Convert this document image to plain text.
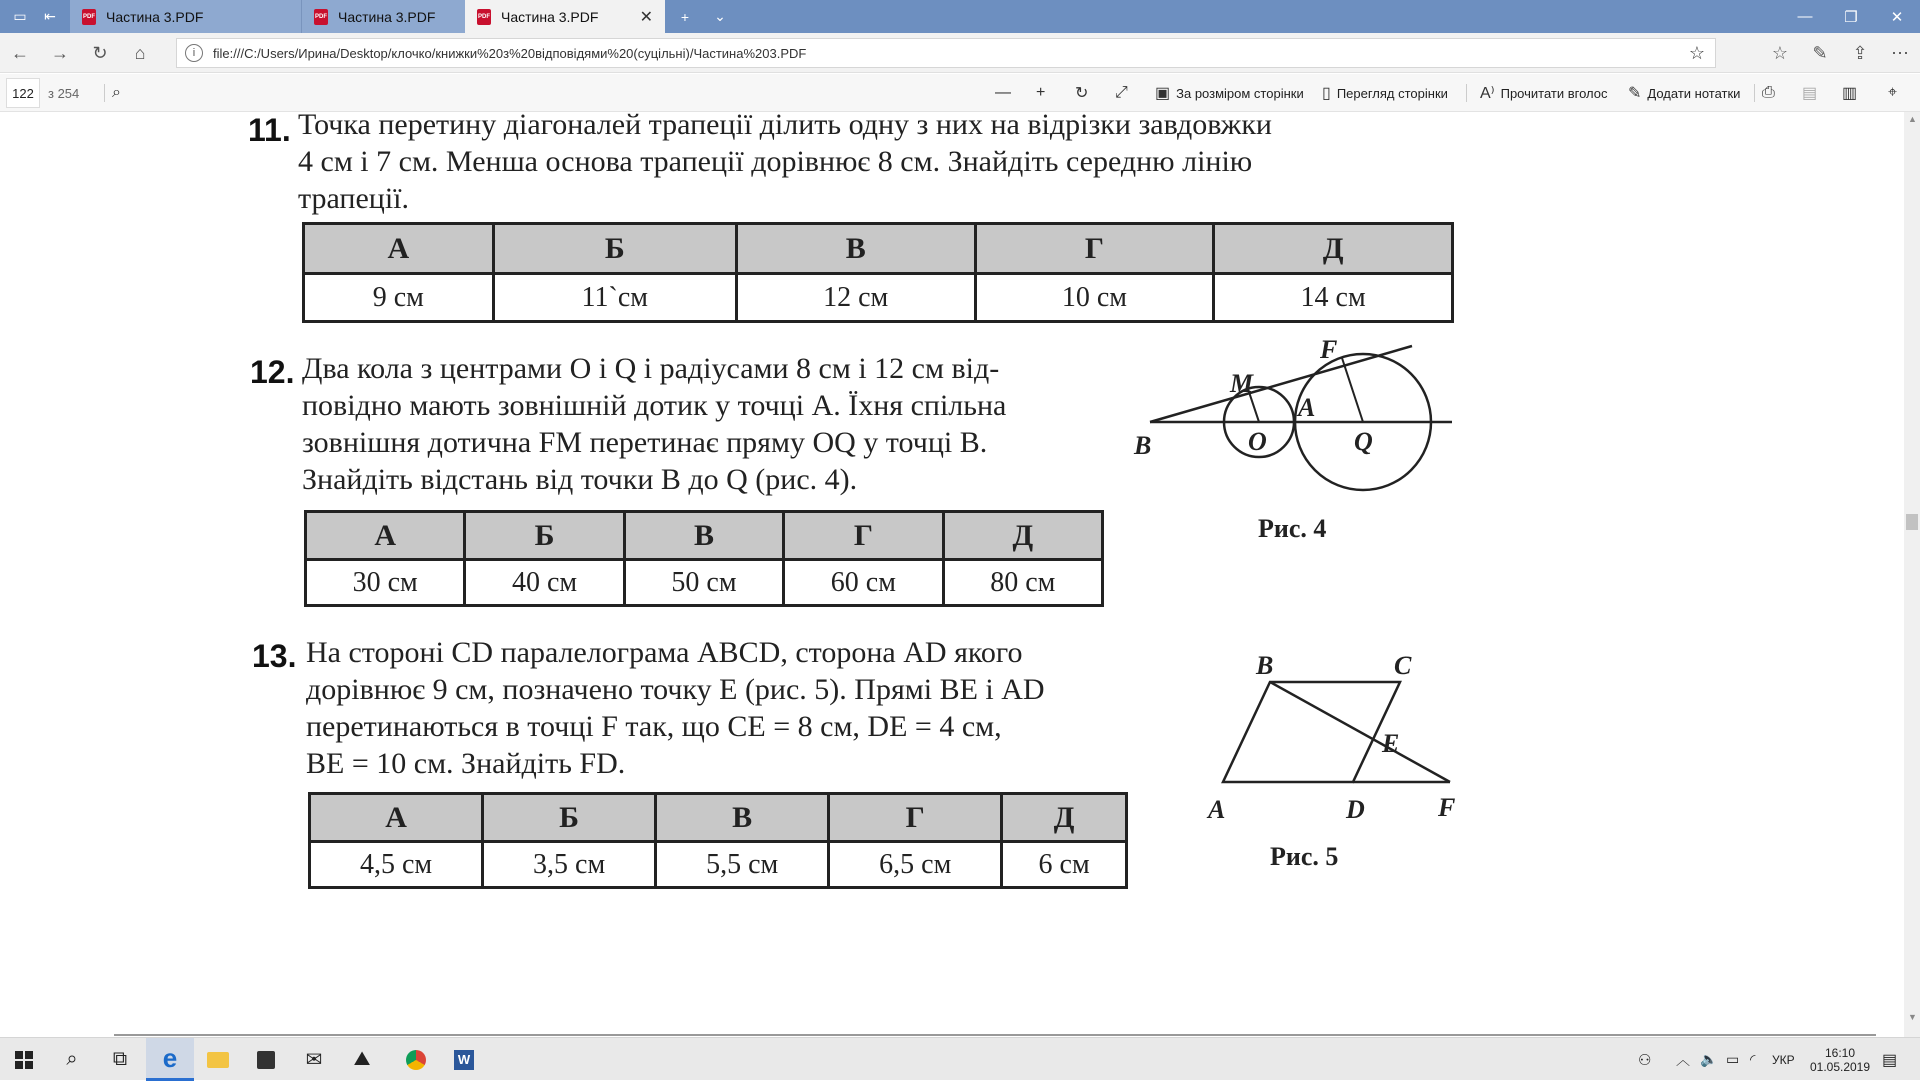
▭	⇤	PDF Частина 3.PDF	PDF Частина 3.PDF	PDF Частина 3.PDF	✕	+	⌄	—	❐	✕
←	→	↻	⌂	i	file:///C:/Users/Ирина/Desktop/клочко/книжки%20з%20відповідями%20(суцільні)/Частина%203.PDF	☆	☆	✎	⇪	⋯
122	з 254 ⌕	— + ↻ ⤢ ▣ За розміром сторінки ▯ Перегляд сторінки A⁾ Прочитати вголос ✎ Додати нотатки ⎙ ▤ ▥ ⌖
11. Точка перетину діагоналей трапеції ділить одну з них на відрізки завдовжки
4 см і 7 см. Менша основа трапеції дорівнює 8 см. Знайдіть середню лінію
трапеції.
А	Б	В	Г	Д
9 см	11`см	12 см	10 см	14 см
12. Два кола з центрами O і Q і радіусами 8 см і 12 см від-
повідно мають зовнішній дотик у точці A. Їхня спільна
зовнішня дотична FM перетинає пряму OQ у точці B.
Знайдіть відстань від точки B до Q (рис. 4).
А	Б	В	Г	Д
30 см	40 см	50 см	60 см	80 см
B
M
F
A
O	Q
Рис. 4
13. На стороні CD паралелограма ABCD, сторона AD якого
дорівнює 9 см, позначено точку E (рис. 5). Прямі BE і AD
перетинаються в точці F так, що CE = 8 см, DE = 4 см,
BE = 10 см. Знайдіть FD.
А	Б	В	Г	Д
4,5 см	3,5 см	5,5 см	6,5 см	6 см
A
B	C
E
D	F
Рис. 5
▲
▼
⌕	⧉	e	✉	⛰	W	⚇ ︿ 🔈 ▭ ◜ УКР	16:10
01.05.2019 ▤
